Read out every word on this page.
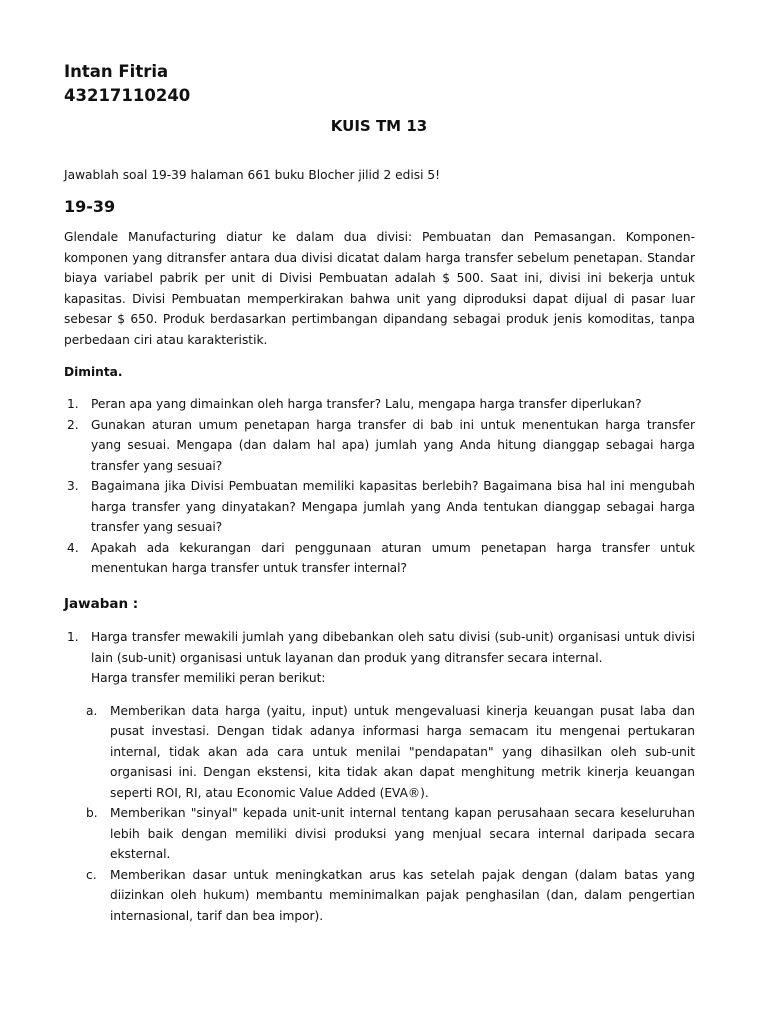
Intan Fitria
43217110240
KUIS TM 13
Jawablah soal 19-39 halaman 661 buku Blocher jilid 2 edisi 5!
19-39
Glendale Manufacturing diatur ke dalam dua divisi: Pembuatan dan Pemasangan. Komponen-komponen yang ditransfer antara dua divisi dicatat dalam harga transfer sebelum penetapan. Standar biaya variabel pabrik per unit di Divisi Pembuatan adalah $ 500. Saat ini, divisi ini bekerja untuk kapasitas. Divisi Pembuatan memperkirakan bahwa unit yang diproduksi dapat dijual di pasar luar sebesar $ 650. Produk berdasarkan pertimbangan dipandang sebagai produk jenis komoditas, tanpa perbedaan ciri atau karakteristik.
Diminta.
1. Peran apa yang dimainkan oleh harga transfer? Lalu, mengapa harga transfer diperlukan?
2. Gunakan aturan umum penetapan harga transfer di bab ini untuk menentukan harga transfer yang sesuai. Mengapa (dan dalam hal apa) jumlah yang Anda hitung dianggap sebagai harga transfer yang sesuai?
3. Bagaimana jika Divisi Pembuatan memiliki kapasitas berlebih? Bagaimana bisa hal ini mengubah harga transfer yang dinyatakan? Mengapa jumlah yang Anda tentukan dianggap sebagai harga transfer yang sesuai?
4. Apakah ada kekurangan dari penggunaan aturan umum penetapan harga transfer untuk menentukan harga transfer untuk transfer internal?
Jawaban :
1. Harga transfer mewakili jumlah yang dibebankan oleh satu divisi (sub-unit) organisasi untuk divisi lain (sub-unit) organisasi untuk layanan dan produk yang ditransfer secara internal.
Harga transfer memiliki peran berikut:
a. Memberikan data harga (yaitu, input) untuk mengevaluasi kinerja keuangan pusat laba dan pusat investasi. Dengan tidak adanya informasi harga semacam itu mengenai pertukaran internal, tidak akan ada cara untuk menilai "pendapatan" yang dihasilkan oleh sub-unit organisasi ini. Dengan ekstensi, kita tidak akan dapat menghitung metrik kinerja keuangan seperti ROI, RI, atau Economic Value Added (EVA®).
b. Memberikan "sinyal" kepada unit-unit internal tentang kapan perusahaan secara keseluruhan lebih baik dengan memiliki divisi produksi yang menjual secara internal daripada secara eksternal.
c. Memberikan dasar untuk meningkatkan arus kas setelah pajak dengan (dalam batas yang diizinkan oleh hukum) membantu meminimalkan pajak penghasilan (dan, dalam pengertian internasional, tarif dan bea impor).
